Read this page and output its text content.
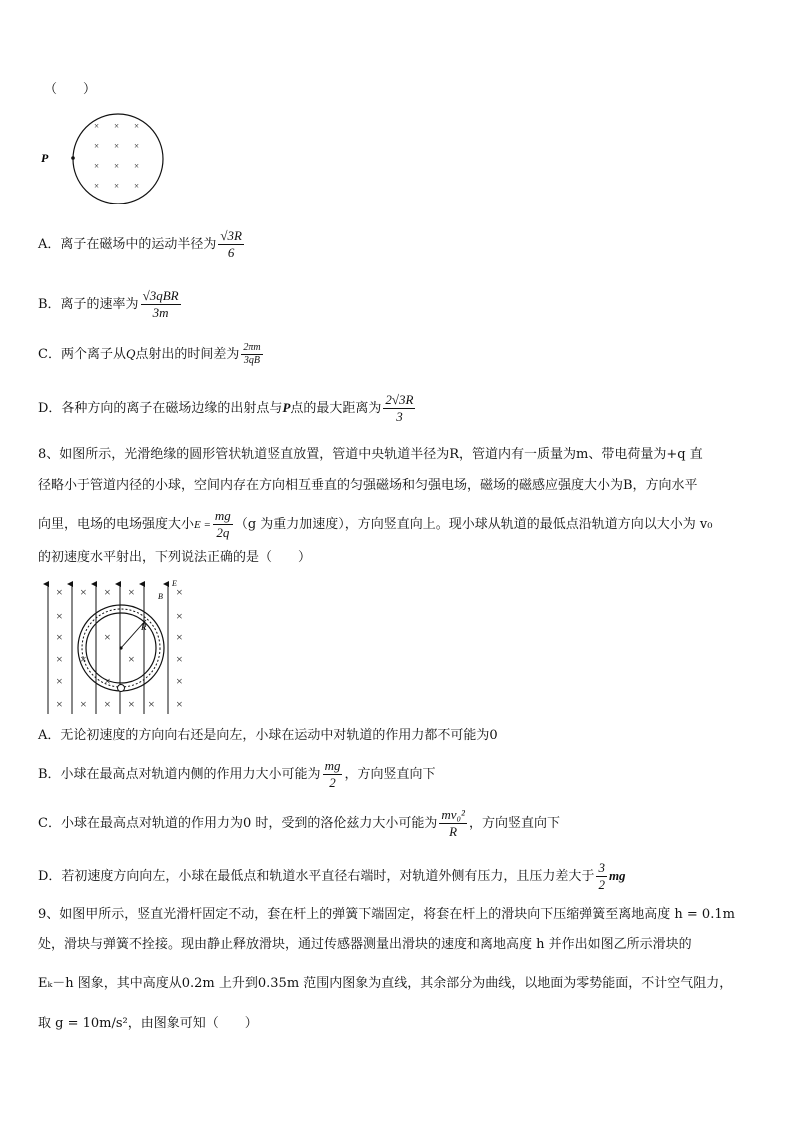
（　　）
P
× × ×
× × ×
× × ×
× × ×
A．离子在磁场中的运动半径为 $\frac{√3R}{6}$
B．离子的速率为 $\frac{\text{√3qBR}}{3m}$
C．两个离子从Q点射出的时间差为 $\frac{2\pi m}{3qB}$
D．各种方向的离子在磁场边缘的出射点与P点的最大距离为 $\frac{2√3R}{3}$
8、如图所示，光滑绝缘的圆形管状轨道竖直放置，管道中央轨道半径为R，管道内有一质量为m、带电荷量为+q 直
径略小于管道内径的小球，空间内存在方向相互垂直的匀强磁场和匀强电场，磁场的磁感应强度大小为B，方向水平
向里，电场的电场强度大小$E = \frac{mg}{2q} (g$ 为重力加速度），方向竖直向上。现小球从轨道的最低点沿轨道方向以大小为 v₀
的初速度水平射出，下列说法正确的是（　　）
× × × ×	×
×	×
×	×	×
× ×	×	×
×	×	×
× × × × × ×
R
E
B
A．无论初速度的方向向右还是向左，小球在运动中对轨道的作用力都不可能为0
B．小球在最高点对轨道内侧的作用力大小可能为 $\frac{mg}{2}$ ，方向竖直向下
C．小球在最高点对轨道的作用力为0 时，受到的洛伦兹力大小可能为 $\frac{\text{mv₀²}}{R}$ ，方向竖直向下
D．若初速度方向向左，小球在最低点和轨道水平直径右端时，对轨道外侧有压力，且压力差大于 $\frac{3}{2}$ mg
9、如图甲所示，竖直光滑杆固定不动，套在杆上的弹簧下端固定，将套在杆上的滑块向下压缩弹簧至离地高度 h = 0.1m
处，滑块与弹簧不拴接。现由静止释放滑块，通过传感器测量出滑块的速度和离地高度 h 并作出如图乙所示滑块的
Eₖ－h 图象，其中高度从0.2m 上升到0.35m 范围内图象为直线，其余部分为曲线，以地面为零势能面，不计空气阻力，
取 g = 10m/s²，由图象可知（　　）
